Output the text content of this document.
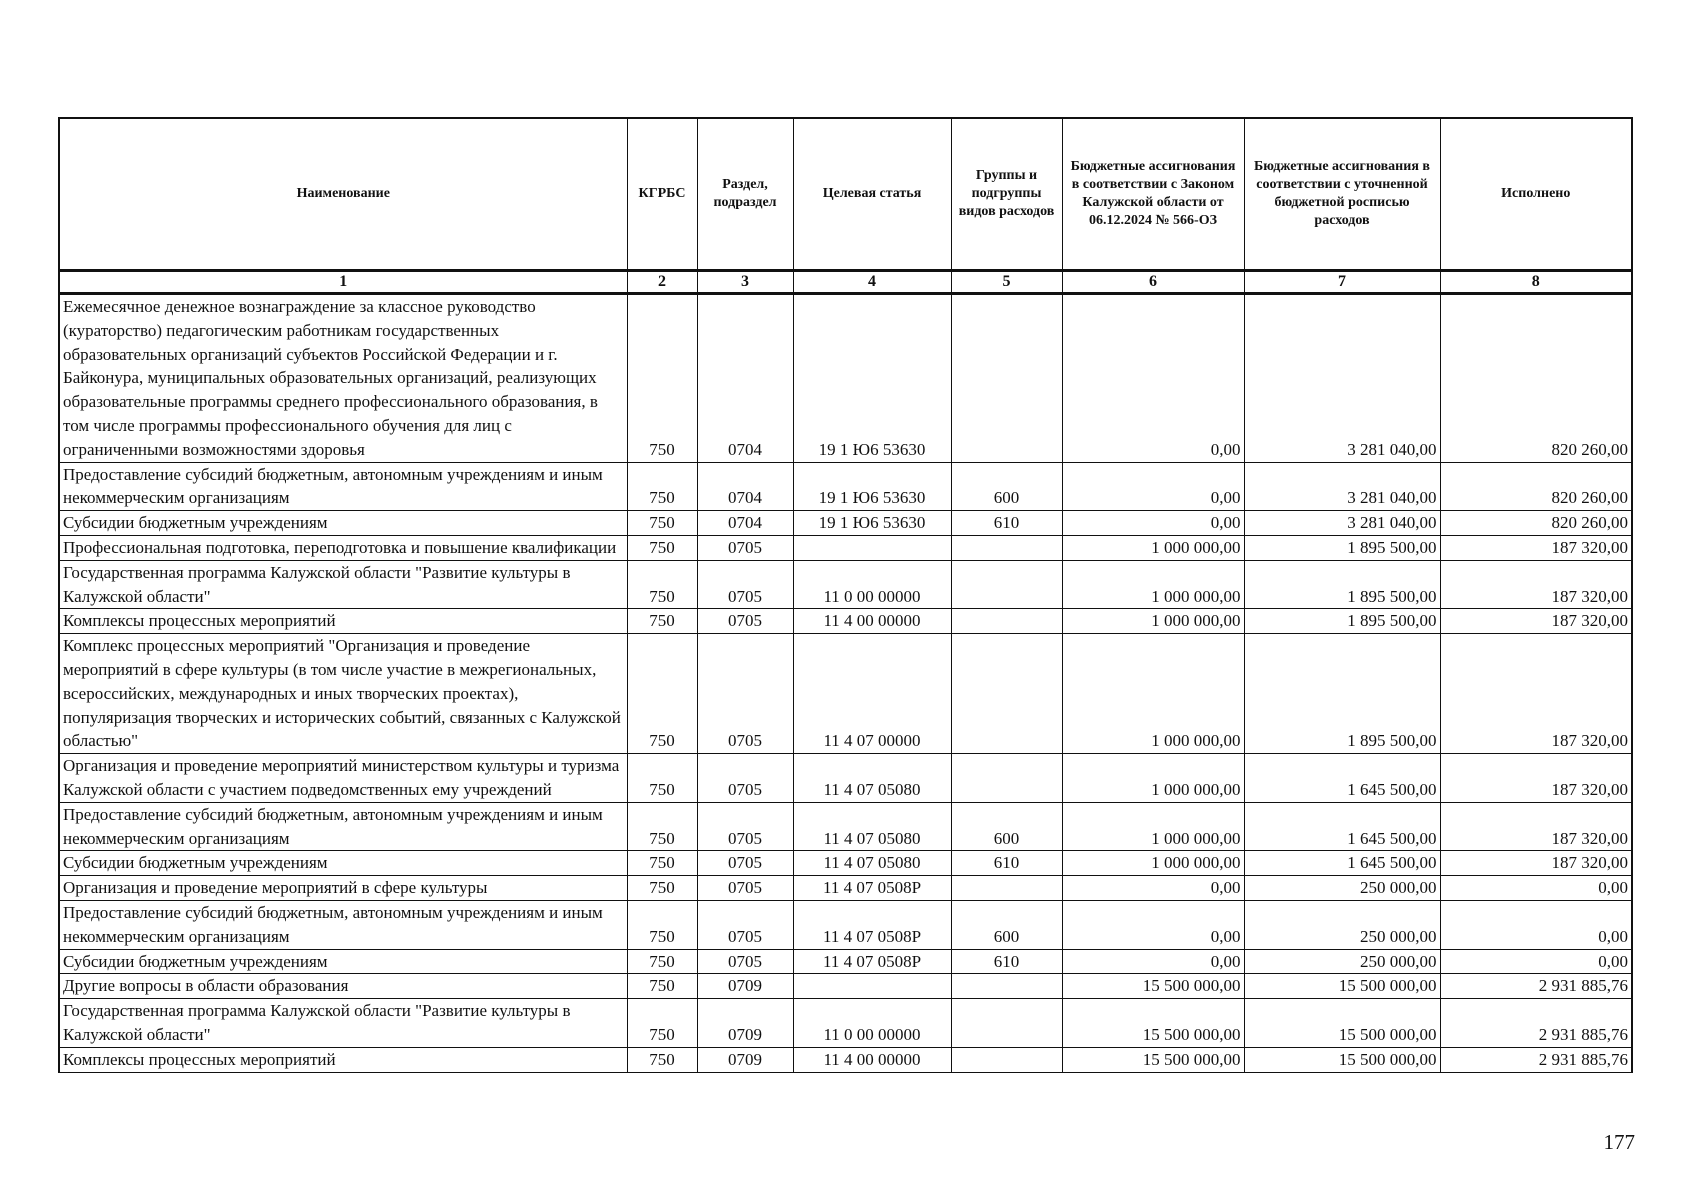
Наименование	КГРБС	Раздел, подраздел	Целевая статья	Группы и подгруппы видов расходов	Бюджетные ассигнования в соответствии с Законом Калужской области от 06.12.2024 № 566-ОЗ	Бюджетные ассигнования в соответствии с уточненной бюджетной росписью расходов	Исполнено
1	2	3	4	5	6	7	8
Ежемесячное денежное вознаграждение за классное руководство (кураторство) педагогическим работникам государственных образовательных организаций субъектов Российской Федерации и г. Байконура, муниципальных образовательных организаций, реализующих образовательные программы среднего профессионального образования, в том числе программы профессионального обучения для лиц с ограниченными возможностями здоровья	750	0704	19 1 Ю6 53630		0,00	3 281 040,00	820 260,00
Предоставление субсидий бюджетным, автономным учреждениям и иным некоммерческим организациям	750	0704	19 1 Ю6 53630	600	0,00	3 281 040,00	820 260,00
Субсидии бюджетным учреждениям	750	0704	19 1 Ю6 53630	610	0,00	3 281 040,00	820 260,00
Профессиональная подготовка, переподготовка и повышение квалификации	750	0705			1 000 000,00	1 895 500,00	187 320,00
Государственная программа Калужской области "Развитие культуры в Калужской области"	750	0705	11 0 00 00000		1 000 000,00	1 895 500,00	187 320,00
Комплексы процессных мероприятий	750	0705	11 4 00 00000		1 000 000,00	1 895 500,00	187 320,00
Комплекс процессных мероприятий "Организация и проведение мероприятий в сфере культуры (в том числе участие в межрегиональных, всероссийских, международных и иных творческих проектах), популяризация творческих и исторических событий, связанных с Калужской областью"	750	0705	11 4 07 00000		1 000 000,00	1 895 500,00	187 320,00
Организация и проведение мероприятий министерством культуры и туризма Калужской области с участием подведомственных ему учреждений	750	0705	11 4 07 05080		1 000 000,00	1 645 500,00	187 320,00
Предоставление субсидий бюджетным, автономным учреждениям и иным некоммерческим организациям	750	0705	11 4 07 05080	600	1 000 000,00	1 645 500,00	187 320,00
Субсидии бюджетным учреждениям	750	0705	11 4 07 05080	610	1 000 000,00	1 645 500,00	187 320,00
Организация и проведение мероприятий в сфере культуры	750	0705	11 4 07 0508Р		0,00	250 000,00	0,00
Предоставление субсидий бюджетным, автономным учреждениям и иным некоммерческим организациям	750	0705	11 4 07 0508Р	600	0,00	250 000,00	0,00
Субсидии бюджетным учреждениям	750	0705	11 4 07 0508Р	610	0,00	250 000,00	0,00
Другие вопросы в области образования	750	0709			15 500 000,00	15 500 000,00	2 931 885,76
Государственная программа Калужской области "Развитие культуры в Калужской области"	750	0709	11 0 00 00000		15 500 000,00	15 500 000,00	2 931 885,76
Комплексы процессных мероприятий	750	0709	11 4 00 00000		15 500 000,00	15 500 000,00	2 931 885,76
177
